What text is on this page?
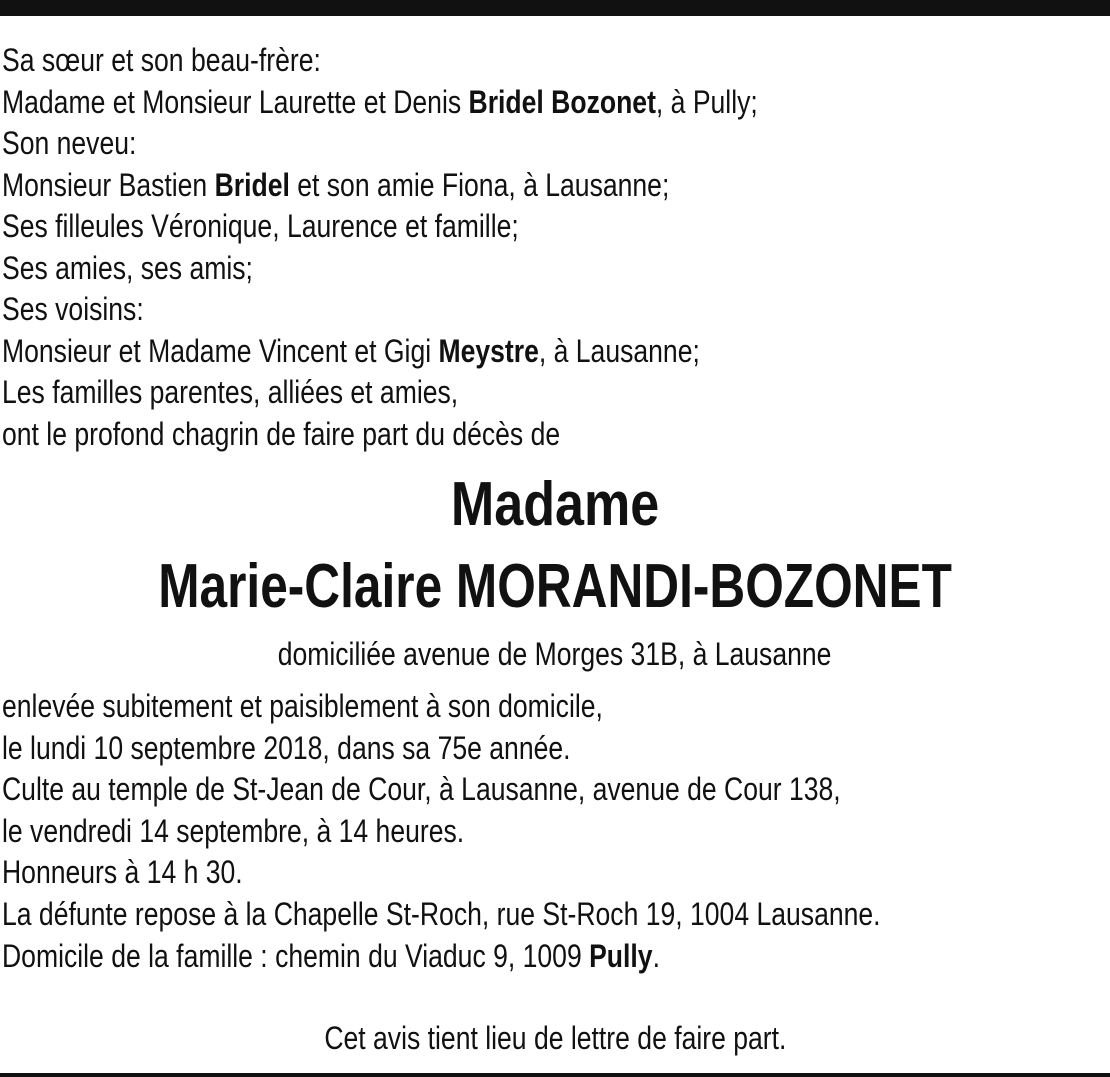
Sa sœur et son beau-frère:
Madame et Monsieur Laurette et Denis Bridel Bozonet, à Pully;
Son neveu:
Monsieur Bastien Bridel et son amie Fiona, à Lausanne;
Ses filleules Véronique, Laurence et famille;
Ses amies, ses amis;
Ses voisins:
Monsieur et Madame Vincent et Gigi Meystre, à Lausanne;
Les familles parentes, alliées et amies,
ont le profond chagrin de faire part du décès de
Madame
Marie-Claire MORANDI-BOZONET
domiciliée avenue de Morges 31B, à Lausanne
enlevée subitement et paisiblement à son domicile,
le lundi 10 septembre 2018, dans sa 75e année.
Culte au temple de St-Jean de Cour, à Lausanne, avenue de Cour 138,
le vendredi 14 septembre, à 14 heures.
Honneurs à 14 h 30.
La défunte repose à la Chapelle St-Roch, rue St-Roch 19, 1004 Lausanne.
Domicile de la famille : chemin du Viaduc 9, 1009 Pully.
Cet avis tient lieu de lettre de faire part.
